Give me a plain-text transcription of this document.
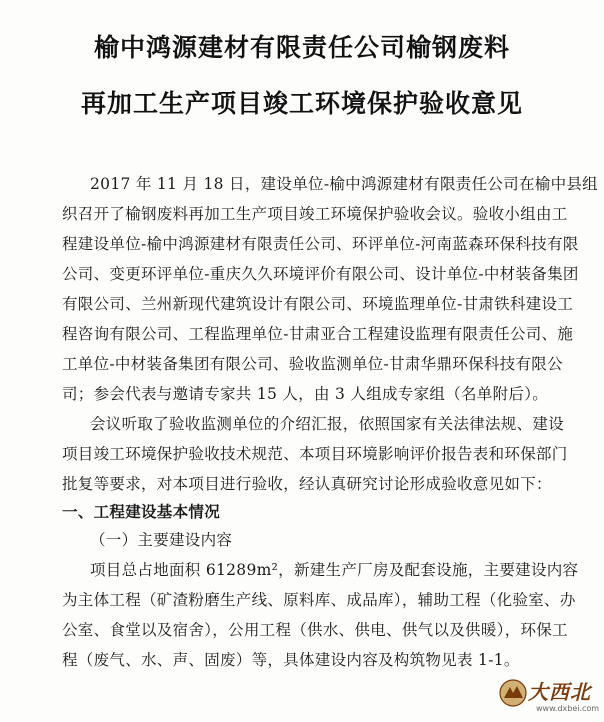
榆中鸿源建材有限责任公司榆钢废料
再加工生产项目竣工环境保护验收意见
2017 年 11 月 18 日，建设单位-榆中鸿源建材有限责任公司在榆中县组
织召开了榆钢废料再加工生产项目竣工环境保护验收会议。验收小组由工
程建设单位-榆中鸿源建材有限责任公司、环评单位-河南蓝森环保科技有限
公司、变更环评单位-重庆久久环境评价有限公司、设计单位-中材装备集团
有限公司、兰州新现代建筑设计有限公司、环境监理单位-甘肃铁科建设工
程咨询有限公司、工程监理单位-甘肃亚合工程建设监理有限责任公司、施
工单位-中材装备集团有限公司、验收监测单位-甘肃华鼎环保科技有限公
司；参会代表与邀请专家共 15 人，由 3 人组成专家组（名单附后）。
会议听取了验收监测单位的介绍汇报，依照国家有关法律法规、建设
项目竣工环境保护验收技术规范、本项目环境影响评价报告表和环保部门
批复等要求，对本项目进行验收，经认真研究讨论形成验收意见如下：
一、工程建设基本情况
（一）主要建设内容
项目总占地面积 61289m²，新建生产厂房及配套设施，主要建设内容
为主体工程（矿渣粉磨生产线、原料库、成品库），辅助工程（化验室、办
公室、食堂以及宿舍），公用工程（供水、供电、供气以及供暖），环保工
程（废气、水、声、固废）等，具体建设内容及构筑物见表 1-1。
大西北
www.dxbei.com
